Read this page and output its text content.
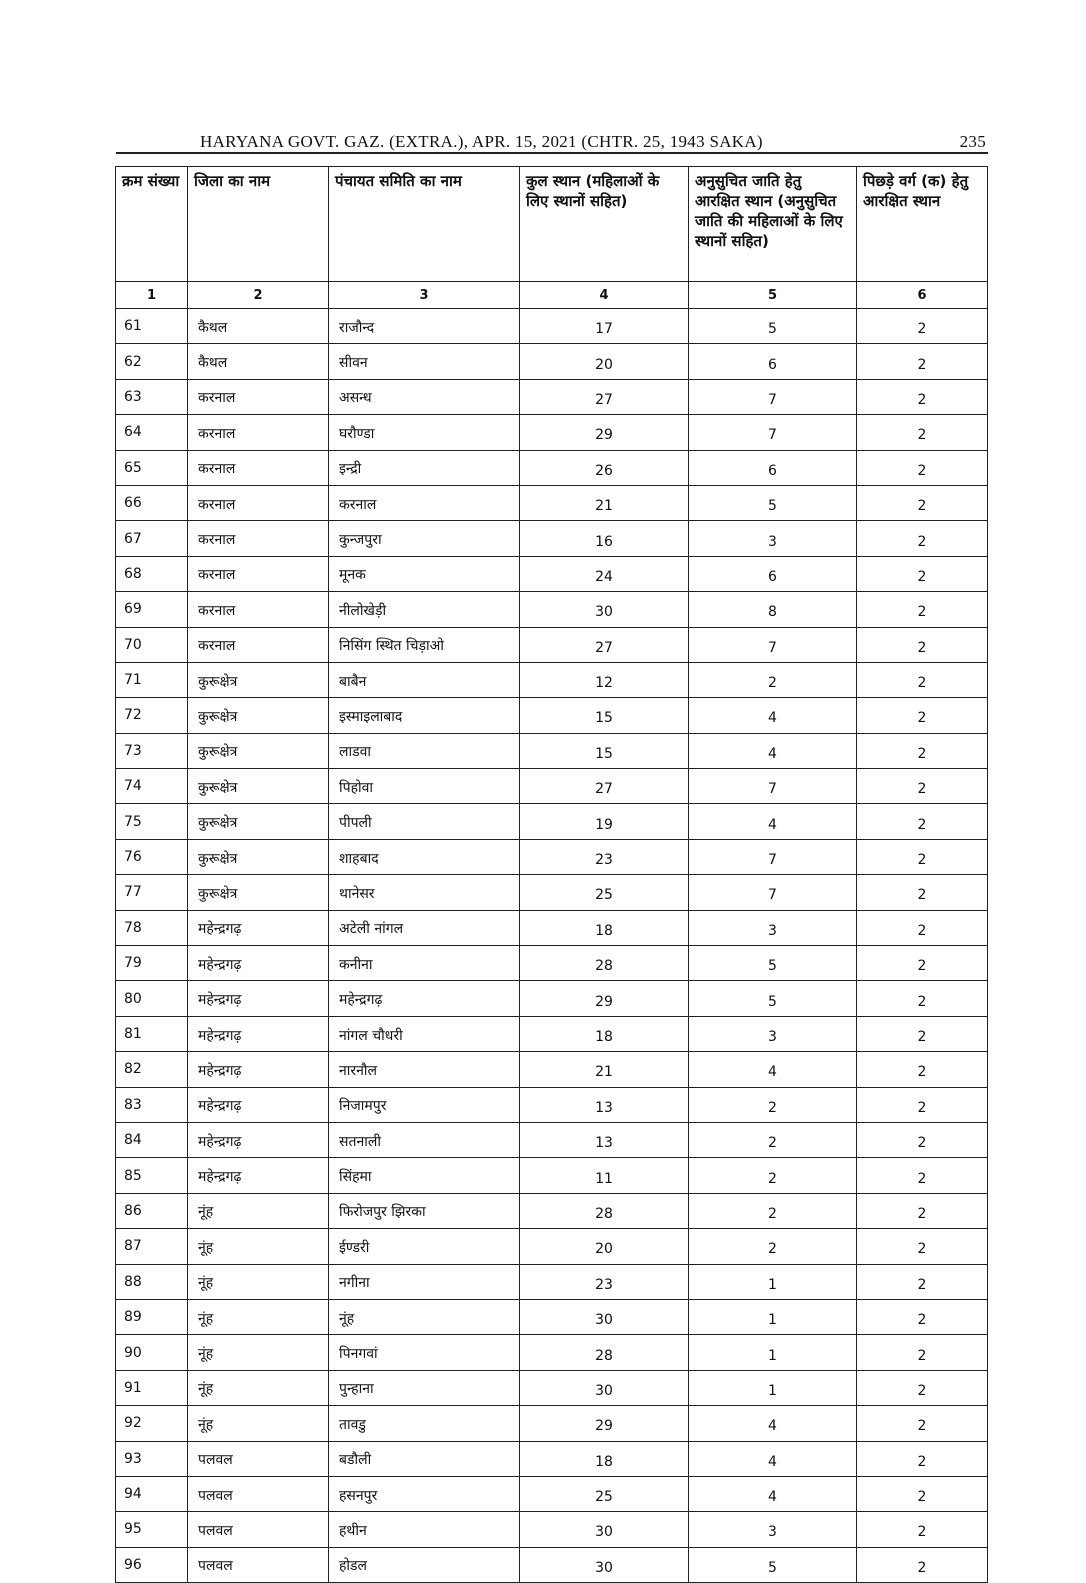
HARYANA GOVT. GAZ. (EXTRA.), APR. 15, 2021 (CHTR. 25, 1943 SAKA)	235
क्रम संख्या	जिला का नाम	पंचायत समिति का नाम	कुल स्थान (महिलाओं के लिए स्थानों सहित)	अनुसुचित जाति हेतु आरक्षित स्थान (अनुसुचित जाति की महिलाओं के लिए स्थानों सहित)	पिछड़े वर्ग (क) हेतु आरक्षित स्थान
1	2	3	4	5	6
61	कैथल	राजौन्द	17	5	2
62	कैथल	सीवन	20	6	2
63	करनाल	असन्ध	27	7	2
64	करनाल	घरौण्डा	29	7	2
65	करनाल	इन्द्री	26	6	2
66	करनाल	करनाल	21	5	2
67	करनाल	कुन्जपुरा	16	3	2
68	करनाल	मूनक	24	6	2
69	करनाल	नीलोखेड़ी	30	8	2
70	करनाल	निसिंग स्थित चिड़ाओ	27	7	2
71	कुरूक्षेत्र	बाबैन	12	2	2
72	कुरूक्षेत्र	इस्माइलाबाद	15	4	2
73	कुरूक्षेत्र	लाडवा	15	4	2
74	कुरूक्षेत्र	पिहोवा	27	7	2
75	कुरूक्षेत्र	पीपली	19	4	2
76	कुरूक्षेत्र	शाहबाद	23	7	2
77	कुरूक्षेत्र	थानेसर	25	7	2
78	महेन्द्रगढ़	अटेली नांगल	18	3	2
79	महेन्द्रगढ़	कनीना	28	5	2
80	महेन्द्रगढ़	महेन्द्रगढ़	29	5	2
81	महेन्द्रगढ़	नांगल चौधरी	18	3	2
82	महेन्द्रगढ़	नारनौल	21	4	2
83	महेन्द्रगढ़	निजामपुर	13	2	2
84	महेन्द्रगढ़	सतनाली	13	2	2
85	महेन्द्रगढ़	सिंहमा	11	2	2
86	नूंह	फिरोजपुर झिरका	28	2	2
87	नूंह	ईण्डरी	20	2	2
88	नूंह	नगीना	23	1	2
89	नूंह	नूंह	30	1	2
90	नूंह	पिनगवां	28	1	2
91	नूंह	पुन्हाना	30	1	2
92	नूंह	तावडु	29	4	2
93	पलवल	बडौली	18	4	2
94	पलवल	हसनपुर	25	4	2
95	पलवल	हथीन	30	3	2
96	पलवल	होडल	30	5	2
